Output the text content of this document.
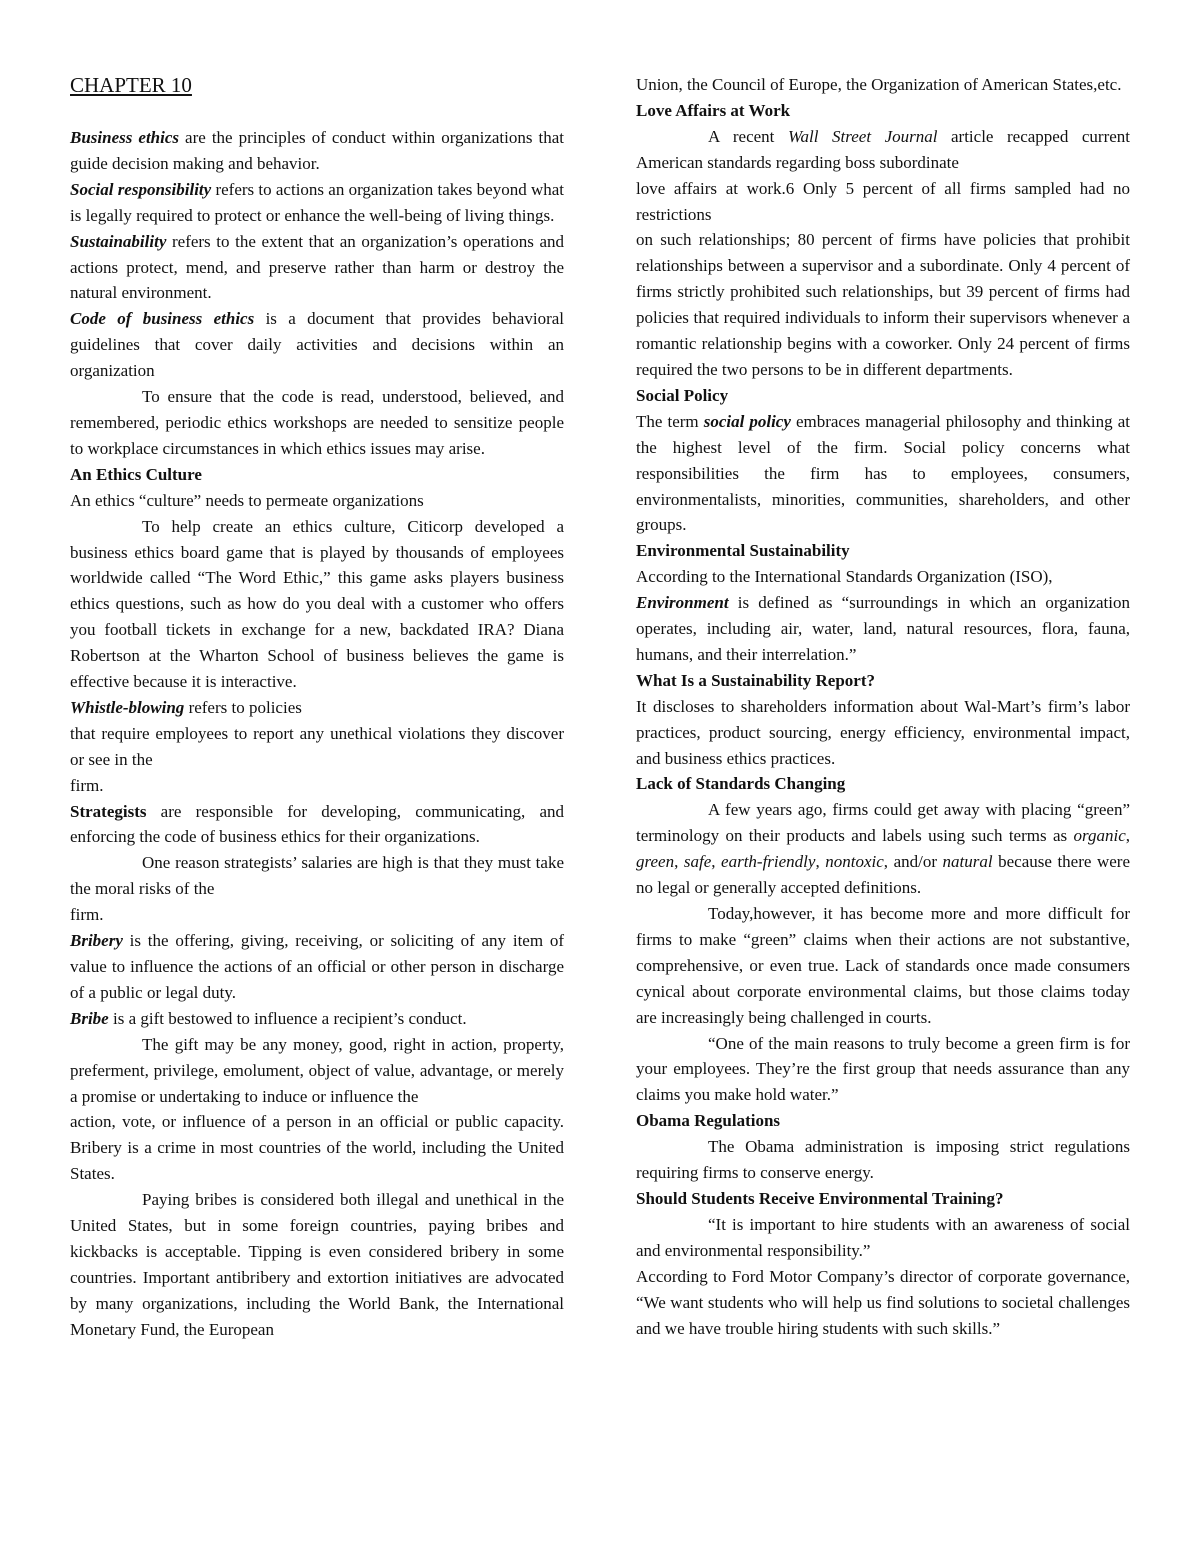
CHAPTER 10

Business ethics are the principles of conduct within organizations that guide decision making and behavior.

Social responsibility refers to actions an organization takes beyond what is legally required to protect or enhance the well-being of living things.

Sustainability refers to the extent that an organization’s operations and actions protect, mend, and preserve rather than harm or destroy the natural environment.

Code of business ethics is a document that provides behavioral guidelines that cover daily activities and decisions within an organization

To ensure that the code is read, understood, believed, and remembered, periodic ethics workshops are needed to sensitize people to workplace circumstances in which ethics issues may arise.

An Ethics Culture

An ethics “culture” needs to permeate organizations

To help create an ethics culture, Citicorp developed a business ethics board game that is played by thousands of employees worldwide called “The Word Ethic,” this game asks players business ethics questions, such as how do you deal with a customer who offers you football tickets in exchange for a new, backdated IRA? Diana Robertson at the Wharton School of business believes the game is effective because it is interactive.

Whistle-blowing refers to policies

that require employees to report any unethical violations they discover or see in the

firm.

Strategists are responsible for developing, communicating, and enforcing the code of business ethics for their organizations.

One reason strategists’ salaries are high is that they must take the moral risks of the

firm.

Bribery is the offering, giving, receiving, or soliciting of any item of value to influence the actions of an official or other person in discharge of a public or legal duty.

Bribe is a gift bestowed to influence a recipient’s conduct.

The gift may be any money, good, right in action, property, preferment, privilege, emolument, object of value, advantage, or merely a promise or undertaking to induce or influence the

action, vote, or influence of a person in an official or public capacity. Bribery is a crime in most countries of the world, including the United States.

Paying bribes is considered both illegal and unethical in the United States, but in some foreign countries, paying bribes and kickbacks is acceptable. Tipping is even considered bribery in some countries. Important antibribery and extortion initiatives are advocated by many organizations, including the World Bank, the International Monetary Fund, the European

Union, the Council of Europe, the Organization of American States,etc.

Love Affairs at Work

A recent Wall Street Journal article recapped current American standards regarding boss subordinate

love affairs at work.6 Only 5 percent of all firms sampled had no restrictions

on such relationships; 80 percent of firms have policies that prohibit relationships between a supervisor and a subordinate. Only 4 percent of firms strictly prohibited such relationships, but 39 percent of firms had policies that required individuals to inform their supervisors whenever a romantic relationship begins with a coworker. Only 24 percent of firms required the two persons to be in different departments.

Social Policy

The term social policy embraces managerial philosophy and thinking at the highest level of the firm. Social policy concerns what responsibilities the firm has to employees, consumers, environmentalists, minorities, communities, shareholders, and other groups.

Environmental Sustainability

According to the International Standards Organization (ISO),

Environment is defined as “surroundings in which an organization operates, including air, water, land, natural resources, flora, fauna, humans, and their interrelation.”

What Is a Sustainability Report?

It discloses to shareholders information about Wal-Mart’s firm’s labor practices, product sourcing, energy efficiency, environmental impact, and business ethics practices.

Lack of Standards Changing

A few years ago, firms could get away with placing “green” terminology on their products and labels using such terms as organic, green, safe, earth-friendly, nontoxic, and/or natural because there were no legal or generally accepted definitions.

Today,however, it has become more and more difficult for firms to make “green” claims when their actions are not substantive, comprehensive, or even true. Lack of standards once made consumers cynical about corporate environmental claims, but those claims today are increasingly being challenged in courts.

“One of the main reasons to truly become a green firm is for your employees. They’re the first group that needs assurance than any claims you make hold water.”

Obama Regulations

The Obama administration is imposing strict regulations requiring firms to conserve energy.

Should Students Receive Environmental Training?

“It is important to hire students with an awareness of social and environmental responsibility.”

According to Ford Motor Company’s director of corporate governance, “We want students who will help us find solutions to societal challenges and we have trouble hiring students with such skills.”
